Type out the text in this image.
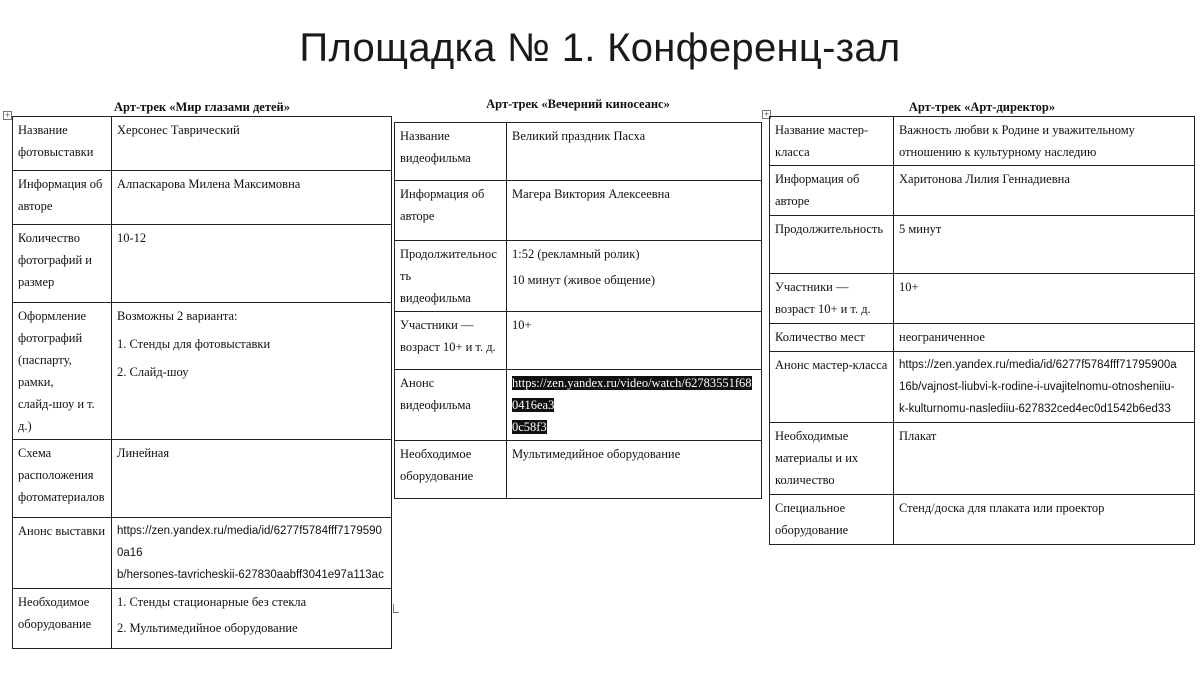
Площадка № 1. Конференц-зал
+
Арт-трек «Мир глазами детей»
Название
фотовыставки	Херсонес Таврический

Информация об
авторе	Алпаскарова Милена Максимовна

Количество
фотографий и
размер	10-12

Оформление
фотографий
(паспарту, рамки,
слайд-шоу и т. д.)	Возможны 2 варианта:
1. Стенды для фотовыставки
2. Слайд-шоу

Схема
расположения
фотоматериалов	Линейная

Анонс выставки	https://zen.yandex.ru/media/id/6277f5784fff71795900a16
b/hersones-tavricheskii-627830aabff3041e97a113ac

Необходимое
оборудование	1. Стенды стационарные без стекла
2. Мультимедийное оборудование
Арт-трек «Вечерний киносеанс»
Название
видеофильма	Великий праздник Пасха

Информация об
авторе	Магера Виктория Алексеевна

Продолжительность
видеофильма	1:52 (рекламный ролик)
10 минут (живое общение)

Участники —
возраст 10+ и т. д.	10+

Анонс видеофильма	https://zen.yandex.ru/video/watch/62783551f680416ea3
0c58f3

Необходимое
оборудование	Мультимедийное оборудование
+	Арт-трек «Арт-директор»
Название мастер-
класса	Важность любви к Родине и уважительному
отношению к культурному наследию

Информация об
авторе	Харитонова Лилия Геннадиевна

Продолжительность	5 минут

Участники —
возраст 10+ и т. д.	10+

Количество мест	неограниченное

Анонс мастер-класса	https://zen.yandex.ru/media/id/6277f5784fff71795900a
16b/vajnost-liubvi-k-rodine-i-uvajitelnomu-otnosheniiu-
k-kulturnomu-naslediiu-627832ced4ec0d1542b6ed33

Необходимые
материалы и их
количество	Плакат

Специальное
оборудование	Стенд/доска для плаката или проектор
